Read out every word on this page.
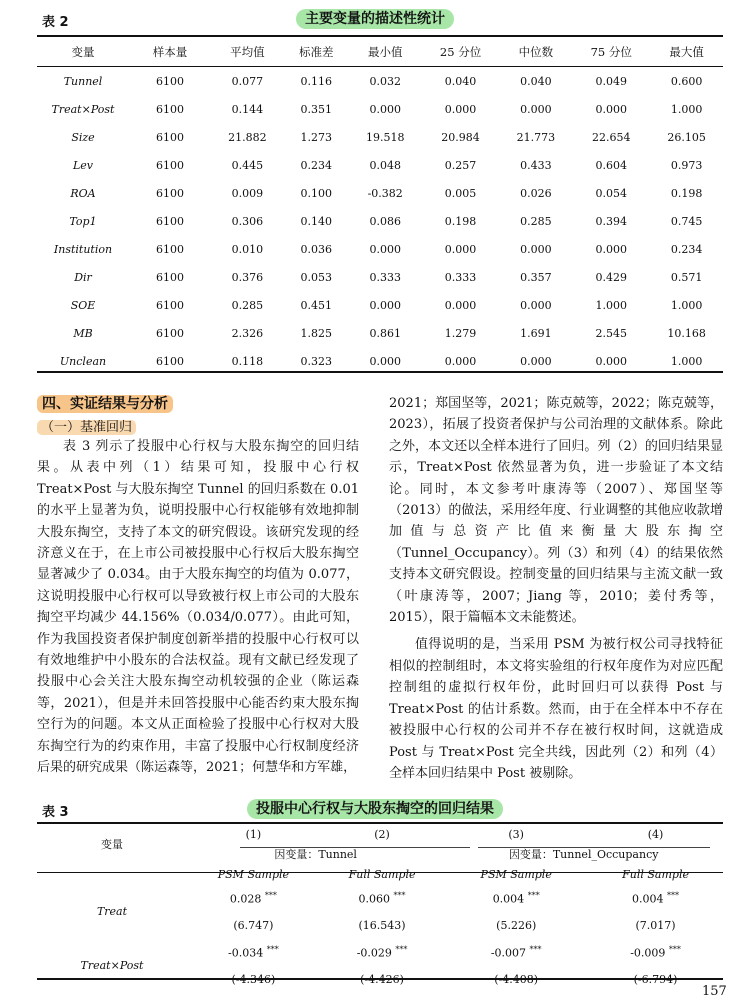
表 2	主要变量的描述性统计
变量	样本量	平均值	标准差	最小值	25 分位	中位数	75 分位	最大值
Tunnel	6100	0.077	0.116	0.032	0.040	0.040	0.049	0.600
Treat×Post	6100	0.144	0.351	0.000	0.000	0.000	0.000	1.000
Size	6100	21.882	1.273	19.518	20.984	21.773	22.654	26.105
Lev	6100	0.445	0.234	0.048	0.257	0.433	0.604	0.973
ROA	6100	0.009	0.100	-0.382	0.005	0.026	0.054	0.198
Top1	6100	0.306	0.140	0.086	0.198	0.285	0.394	0.745
Institution	6100	0.010	0.036	0.000	0.000	0.000	0.000	0.234
Dir	6100	0.376	0.053	0.333	0.333	0.357	0.429	0.571
SOE	6100	0.285	0.451	0.000	0.000	0.000	1.000	1.000
MB	6100	2.326	1.825	0.861	1.279	1.691	2.545	10.168
Unclean	6100	0.118	0.323	0.000	0.000	0.000	0.000	1.000
四、实证结果与分析
（一）基准回归

表 3 列示了投服中心行权与大股东掏空的回归结果。从表中列（1）结果可知，投服中心行权 Treat×Post 与大股东掏空 Tunnel 的回归系数在 0.01 的水平上显著为负，说明投服中心行权能够有效地抑制大股东掏空，支持了本文的研究假设。该研究发现的经济意义在于，在上市公司被投服中心行权后大股东掏空显著减少了 0.034。由于大股东掏空的均值为 0.077，这说明投服中心行权可以导致被行权上市公司的大股东掏空平均减少 44.156%（0.034/0.077）。由此可知，作为我国投资者保护制度创新举措的投服中心行权可以有效地维护中小股东的合法权益。现有文献已经发现了投服中心会关注大股东掏空动机较强的企业（陈运森等，2021），但是并未回答投服中心能否约束大股东掏空行为的问题。本文从正面检验了投服中心行权对大股东掏空行为的约束作用，丰富了投服中心行权制度经济后果的研究成果（陈运森等，2021；何慧华和方军雄，

2021；郑国坚等，2021；陈克兢等，2022；陈克兢等，2023），拓展了投资者保护与公司治理的文献体系。除此之外，本文还以全样本进行了回归。列（2）的回归结果显示，Treat×Post 依然显著为负，进一步验证了本文结论。同时，本文参考叶康涛等（2007）、郑国坚等（2013）的做法，采用经年度、行业调整的其他应收款增加值与总资产比值来衡量大股东掏空（Tunnel_Occupancy）。列（3）和列（4）的结果依然支持本文研究假设。控制变量的回归结果与主流文献一致（叶康涛等，2007；Jiang 等，2010；姜付秀等，2015），限于篇幅本文未能赘述。

值得说明的是，当采用 PSM 为被行权公司寻找特征相似的控制组时，本文将实验组的行权年度作为对应匹配控制组的虚拟行权年份，此时回归可以获得 Post 与 Treat×Post 的估计系数。然而，由于在全样本中不存在被投服中心行权的公司并不存在被行权时间，这就造成 Post 与 Treat×Post 完全共线，因此列（2）和列（4）全样本回归结果中 Post 被剔除。

表 3	投服中心行权与大股东掏空的回归结果
变量	(1)	(2)	(3)	(4)
	因变量：Tunnel		因变量：Tunnel_Occupancy	
	PSM Sample	Full Sample	PSM Sample	Full Sample
Treat	0.028 ***	0.060 ***	0.004 ***	0.004 ***
	(6.747)	(16.543)	(5.226)	(7.017)
Treat×Post	-0.034 ***	-0.029 ***	-0.007 ***	-0.009 ***
	(-4.346)	(-4.426)	(-4.408)	(-6.794)
157
